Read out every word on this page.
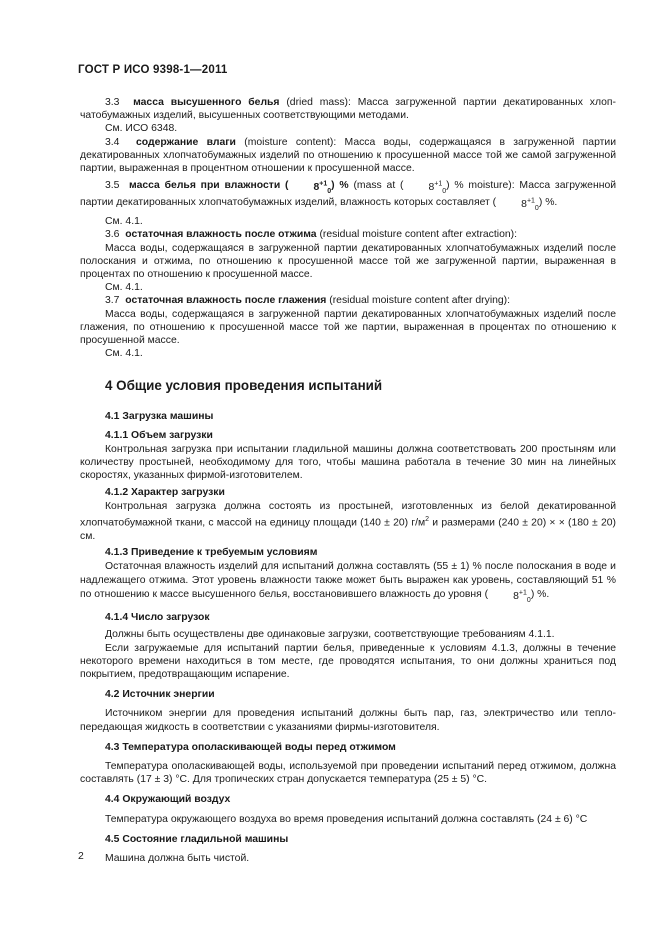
ГОСТ Р ИСО 9398-1—2011

3.3 масса высушенного белья (dried mass): Масса загруженной партии декатированных хлопчатобумажных изделий, высушенных соответствующими методами.

См. ИСО 6348.

3.4 содержание влаги (moisture content): Масса воды, содержащаяся в загруженной партии декатированных хлопчатобумажных изделий по отношению к просушенной массе той же самой загруженной партии, выраженная в процентном отношении к просушенной массе.

3.5 масса белья при влажности ( $8^{+1}_0$) % (mass at ( $8^{+1}_0$) % moisture): Масса загруженной партии декатированных хлопчатобумажных изделий, влажность которых составляет ( $8^{+1}_0$) %.

См. 4.1.

3.6 остаточная влажность после отжима (residual moisture content after extraction):

Масса воды, содержащаяся в загруженной партии декатированных хлопчатобумажных изделий после полоскания и отжима, по отношению к просушенной массе той же загруженной партии, выраженная в процентах по отношению к просушенной массе.

См. 4.1.

3.7 остаточная влажность после глажения (residual moisture content after drying):

Масса воды, содержащаяся в загруженной партии декатированных хлопчатобумажных изделий после глажения, по отношению к просушенной массе той же партии, выраженная в процентах по отношению к просушенной массе.

См. 4.1.

4 Общие условия проведения испытаний
4.1 Загрузка машины
4.1.1 Объем загрузки

Контрольная загрузка при испытании гладильной машины должна соответствовать 200 простыням или количеству простыней, необходимому для того, чтобы машина работала в течение 30 мин на линейных скоростях, указанных фирмой-изготовителем.

4.1.2 Характер загрузки

Контрольная загрузка должна состоять из простыней, изготовленных из белой декатированной хлопчатобумажной ткани, с массой на единицу площади (140 ± 20) $г/м^2$ и размерами (240 ± 20) × × (180 ± 20) см.

4.1.3 Приведение к требуемым условиям

Остаточная влажность изделий для испытаний должна составлять (55 ± 1) % после полоскания в воде и надлежащего отжима. Этот уровень влажности также может быть выражен как уровень, составляющий 51 % по отношению к массе высушенного белья, восстановившего влажность до уровня ( $8^{+1}_0$) %.

4.1.4 Число загрузок

Должны быть осуществлены две одинаковые загрузки, соответствующие требованиям 4.1.1.

Если загружаемые для испытаний партии белья, приведенные к условиям 4.1.3, должны в течение некоторого времени находиться в том месте, где проводятся испытания, то они должны храниться под покрытием, предотвращающим испарение.

4.2 Источник энергии

Источником энергии для проведения испытаний должны быть пар, газ, электричество или теплопередающая жидкость в соответствии с указаниями фирмы-изготовителя.

4.3 Температура ополаскивающей воды перед отжимом

Температура ополаскивающей воды, используемой при проведении испытаний перед отжимом, должна составлять (17 ± 3) °С. Для тропических стран допускается температура (25 ± 5) °С.

4.4 Окружающий воздух

Температура окружающего воздуха во время проведения испытаний должна составлять (24 ± 6) °С

4.5 Состояние гладильной машины

Машина должна быть чистой.

2
